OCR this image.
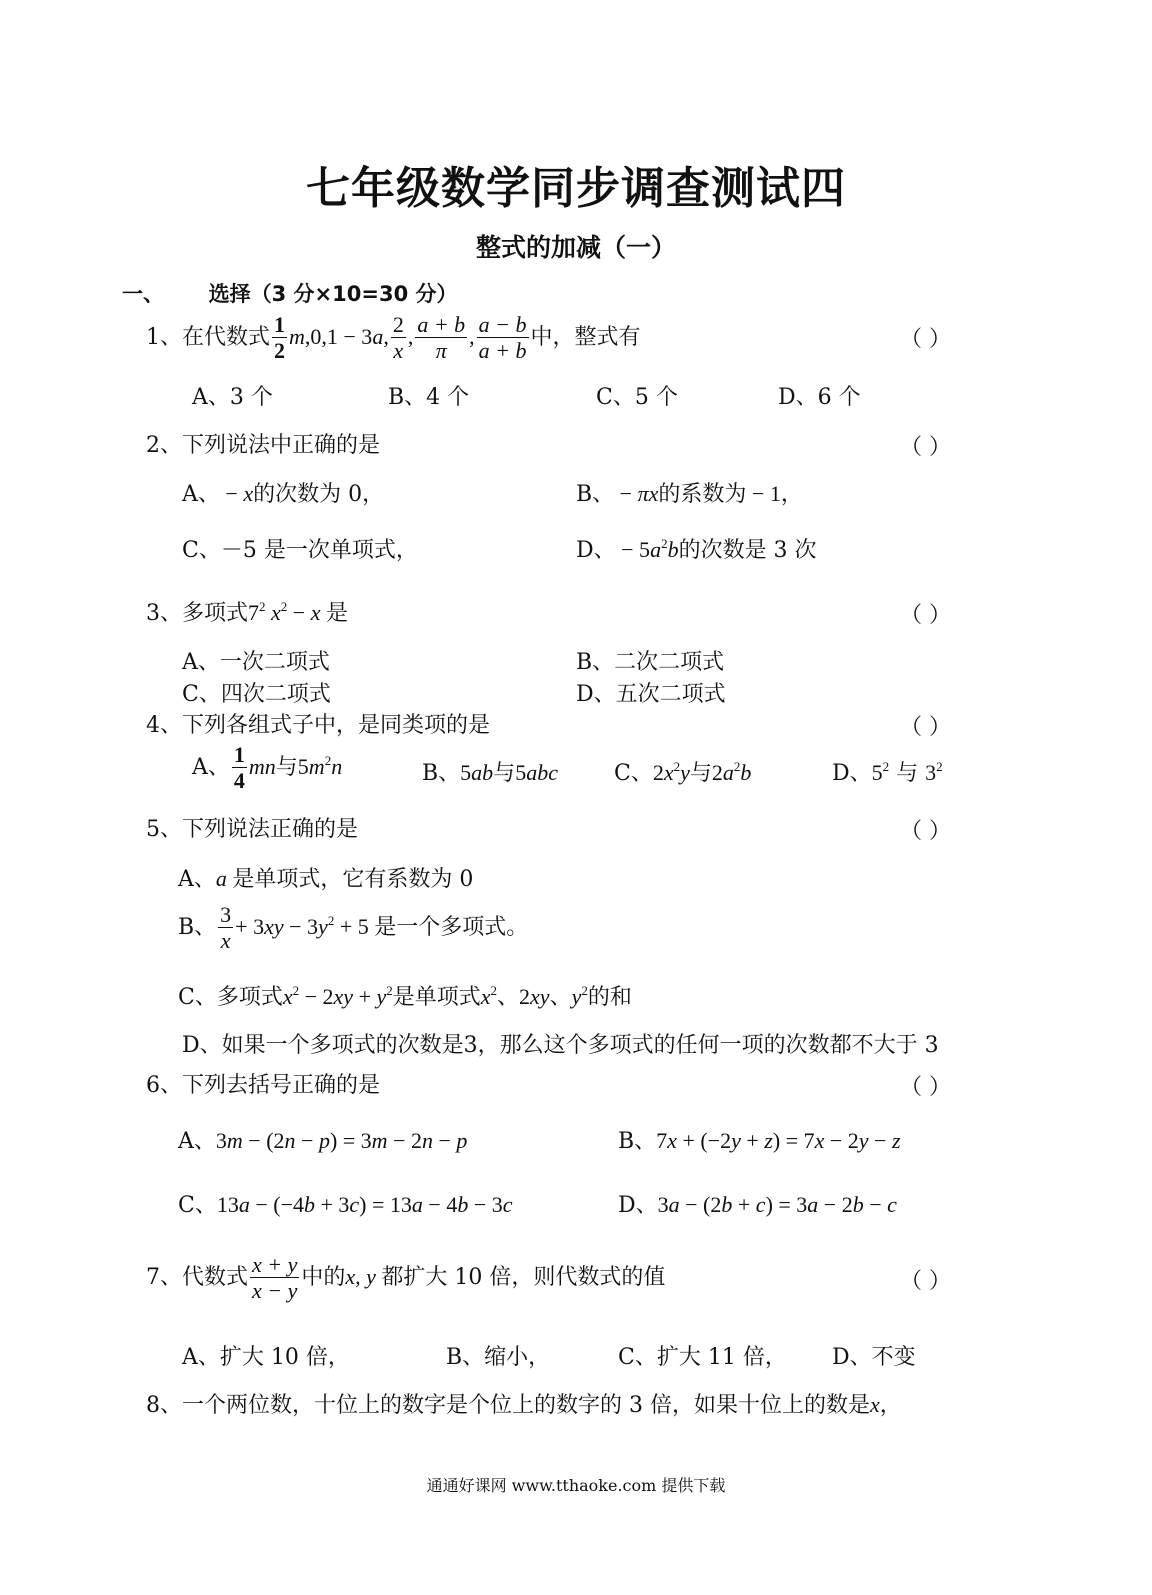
七年级数学同步调查测试四
整式的加减（一）
一、 选择（3 分×10=30 分）
1、在代数式 $\frac{1}{2} m,0,1 - 3a$, $\frac{2}{x}$ , $\frac{a + b}{\pi}$ , $\frac{a - b}{a + b}$ 中，整式有	（ ）
A、3 个	B、4 个	C、5 个	D、6 个
2、下列说法中正确的是	（ ）
A、 − x的次数为 0，	B、 − πx的系数为 − 1，
C、－5 是一次单项式，	D、 − $5a^2b$的次数是 3 次
3、多项式$7^2$ $x^2 - x$ 是	（ ）
A、一次二项式	B、二次二项式
C、四次二项式	D、五次二项式
4、下列各组式子中，是同类项的是	（ ）
A、 $\frac{1}{4}$ mn与$5m^2n$	B、5ab与5abc	C、$2x^2y$与$2a^2b$	D、$5^2$ 与 $3^2$
5、下列说法正确的是	（ ）
A、a 是单项式，它有系数为 0
B、 $\frac{3}{x} + 3xy - 3y^2 + 5$ 是一个多项式。
C、多项式$x^2 - 2xy + y^2$是单项式$x^2$、2xy、$y^2$的和
D、如果一个多项式的次数是3，那么这个多项式的任何一项的次数都不大于 3
6、下列去括号正确的是	（ ）
A、3m − (2n − p) = 3m − 2n − p	B、7x + (−2y + z) = 7x − 2y − z
C、13a − (−4b + 3c) = 13a − 4b − 3c	D、3a − (2b + c) = 3a − 2b − c
7、代数式 $\frac{x + y}{x - y}$ 中的x, y 都扩大 10 倍，则代数式的值	（ ）
A、扩大 10 倍，	B、缩小，	C、扩大 11 倍， D、不变
8、一个两位数，十位上的数字是个位上的数字的 3 倍，如果十位上的数是x，
通通好课网 www.tthaoke.com 提供下载
